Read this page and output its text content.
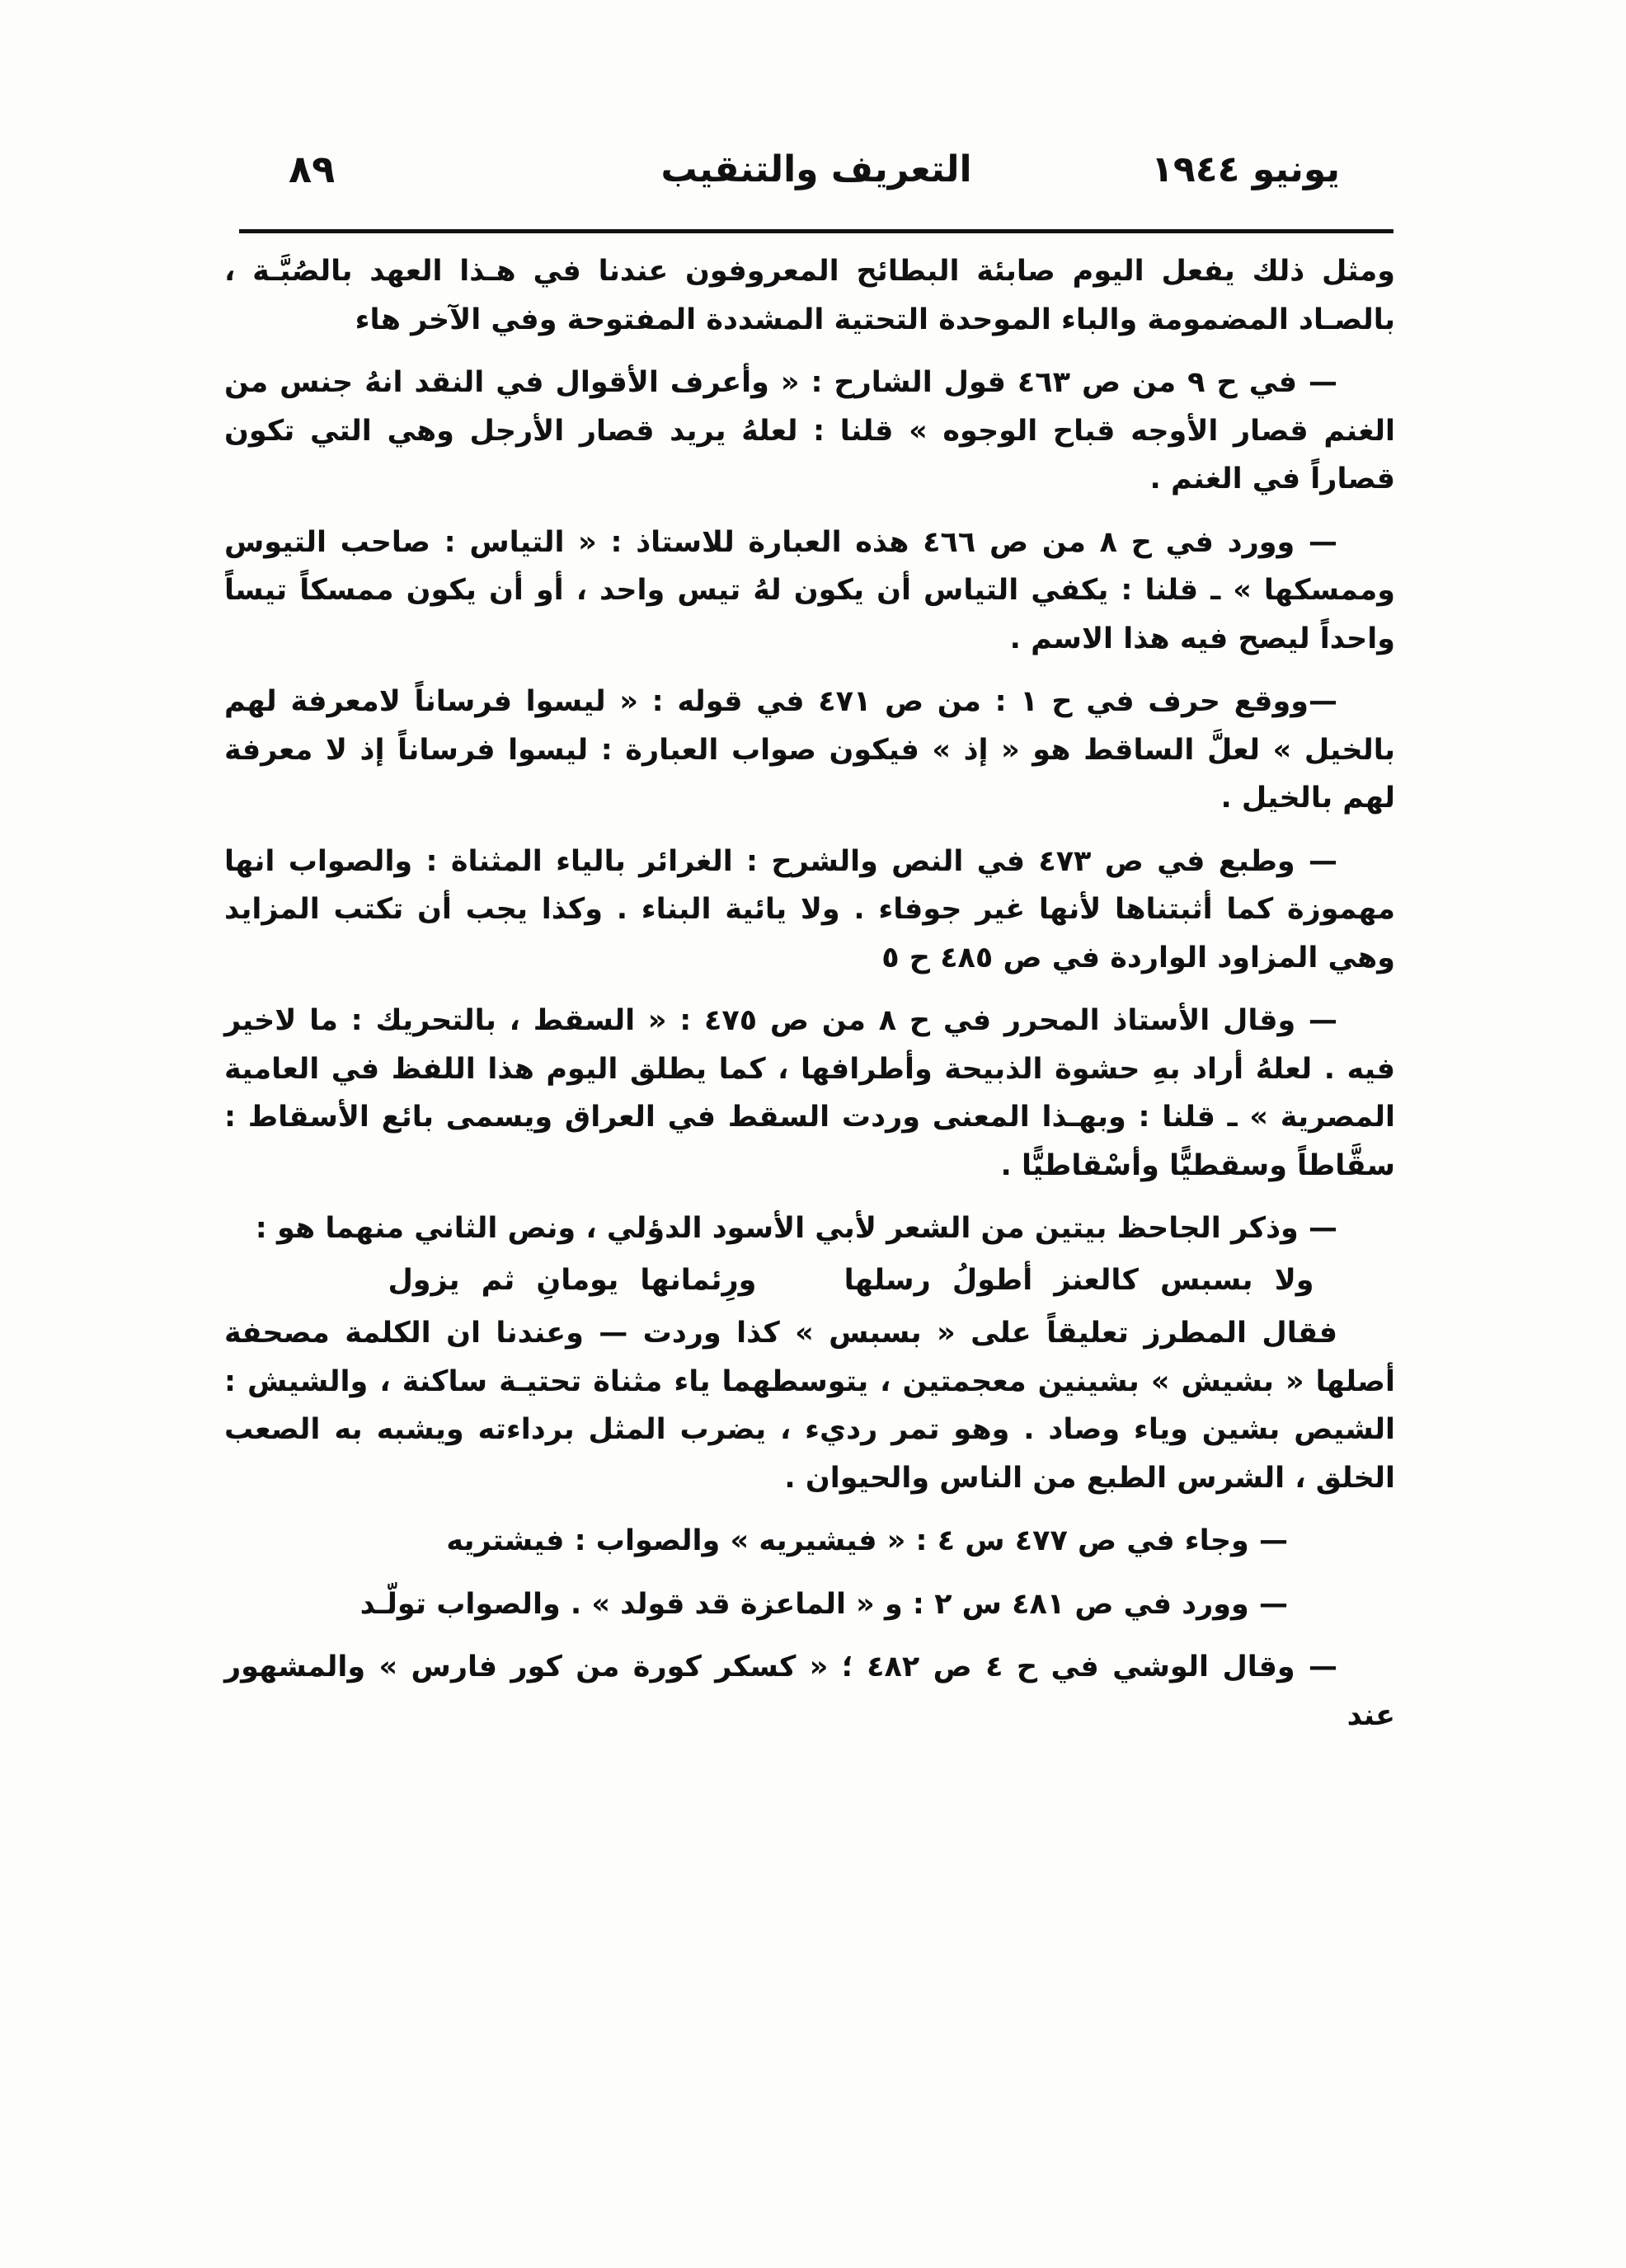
يونيو ١٩٤٤
التعريف والتنقيب
٨٩

ومثل ذلك يفعل اليوم صابئة البطائح المعروفون عندنا في هـذا العهد بالصُبَّـة ، بالصـاد المضمومة والباء الموحدة التحتية المشددة المفتوحة وفي الآخر هاء

— في ح ٩ من ص ٤٦٣ قول الشارح : « وأعرف الأقوال في النقد انهُ جنس من الغنم قصار الأوجه قباح الوجوه » قلنا : لعلهُ يريد قصار الأرجل وهي التي تكون قصاراً في الغنم .

— وورد في ح ٨ من ص ٤٦٦ هذه العبارة للاستاذ : « التياس : صاحب التيوس وممسكها » ـ قلنا : يكفي التياس أن يكون لهُ تيس واحد ، أو أن يكون ممسكاً تيساً واحداً ليصح فيه هذا الاسم .

—ووقع حرف في ح ١ : من ص ٤٧١ في قوله : « ليسوا فرساناً لامعرفة لهم بالخيل » لعلَّ الساقط هو « إذ » فيكون صواب العبارة : ليسوا فرساناً إذ لا معرفة لهم بالخيل .

— وطبع في ص ٤٧٣ في النص والشرح : الغرائر بالياء المثناة : والصواب انها مهموزة كما أثبتناها لأنها غير جوفاء . ولا يائية البناء . وكذا يجب أن تكتب المزايد وهي المزاود الواردة في ص ٤٨٥ ح ٥

— وقال الأستاذ المحرر في ح ٨ من ص ٤٧٥ : « السقط ، بالتحريك : ما لاخير فيه . لعلهُ أراد بهِ حشوة الذبيحة وأطرافها ، كما يطلق اليوم هذا اللفظ في العامية المصرية » ـ قلنا : وبهـذا المعنى وردت السقط في العراق ويسمى بائع الأسقاط : سقَّاطاً وسقطيًّا وأسْقاطيًّا .

— وذكر الجاحظ بيتين من الشعر لأبي الأسود الدؤلي ، ونص الثاني منهما هو :

ولا بسبس كالعنز أطولُ رسلها ورِئمانها يومانِ ثم يزول

فقال المطرز تعليقاً على « بسبس » كذا وردت — وعندنا ان الكلمة مصحفة أصلها « بشيش » بشينين معجمتين ، يتوسطهما ياء مثناة تحتيـة ساكنة ، والشيش : الشيص بشين وياء وصاد . وهو تمر رديء ، يضرب المثل برداءته ويشبه به الصعب الخلق ، الشرس الطبع من الناس والحيوان .

— وجاء في ص ٤٧٧ س ٤ : « فيشيريه » والصواب : فيشتريه

— وورد في ص ٤٨١ س ٢ : و « الماعزة قد قولد » . والصواب تولّـد

— وقال الوشي في ح ٤ ص ٤٨٢ ؛ « كسكر كورة من كور فارس » والمشهور عند
